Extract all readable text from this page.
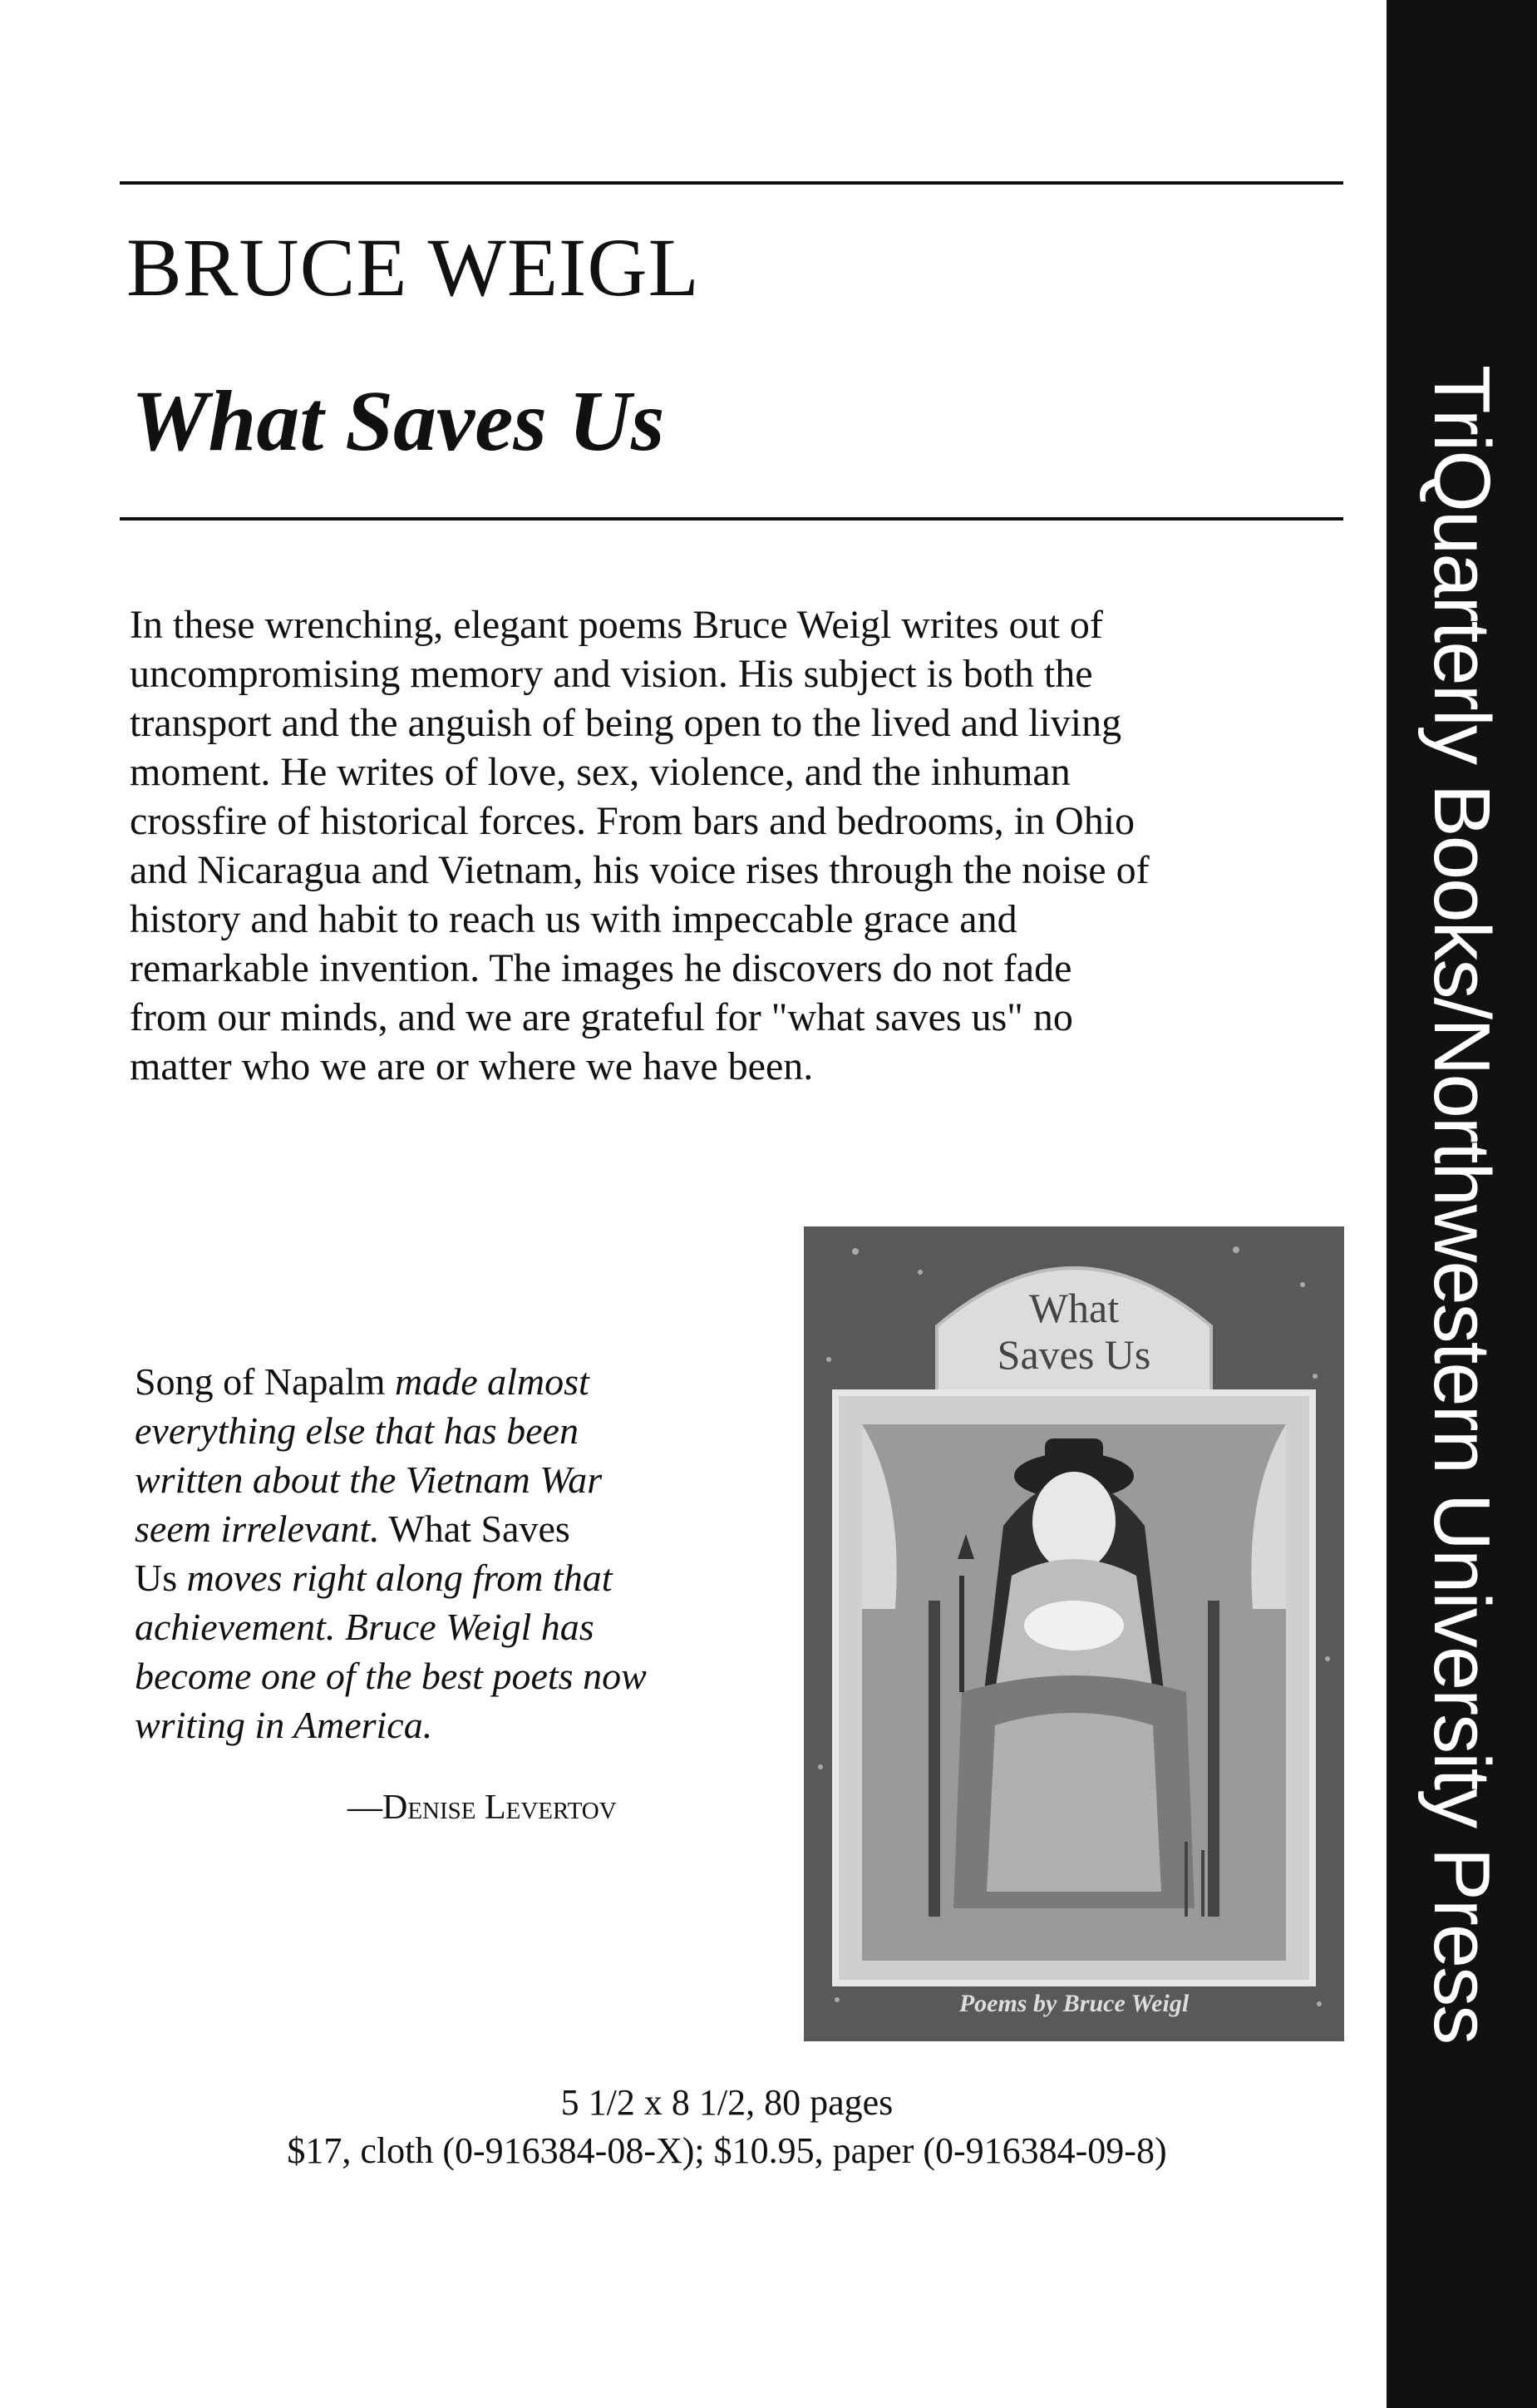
BRUCE WEIGL
What Saves Us

In these wrenching, elegant poems Bruce Weigl writes out of
uncompromising memory and vision. His subject is both the
transport and the anguish of being open to the lived and living
moment. He writes of love, sex, violence, and the inhuman
crossfire of historical forces. From bars and bedrooms, in Ohio
and Nicaragua and Vietnam, his voice rises through the noise of
history and habit to reach us with impeccable grace and
remarkable invention. The images he discovers do not fade
from our minds, and we are grateful for "what saves us" no
matter who we are or where we have been.

Song of Napalm made almost
everything else that has been
written about the Vietnam War
seem irrelevant. What Saves
Us moves right along from that
achievement. Bruce Weigl has
become one of the best poets now
writing in America.
—Denise Levertov
What
Saves Us
Poems by Bruce Weigl
5 1/2 x 8 1/2, 80 pages
$17, cloth (0-916384-08-X); $10.95, paper (0-916384-09-8)
TriQuarterly Books/Northwestern University Press
